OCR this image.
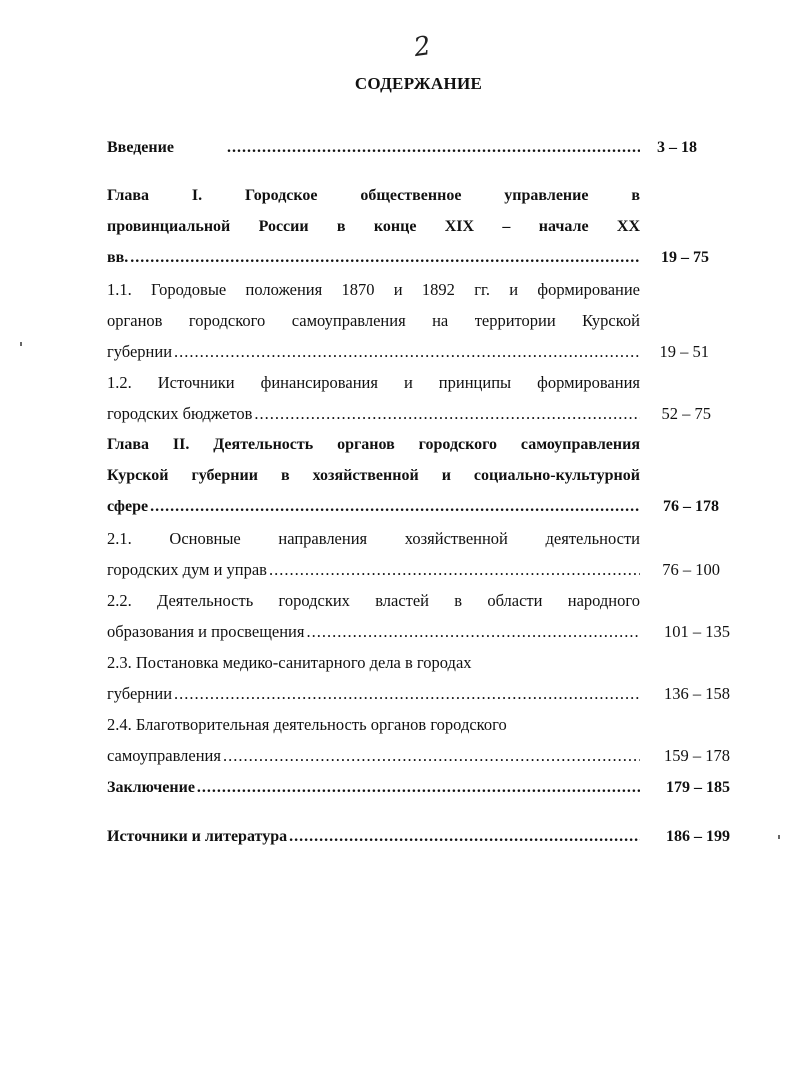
2
СОДЕРЖАНИЕ
Введение .....	3 – 18
Глава I. Городское общественное управление в
провинциальной России в конце XIX – начале XX
вв. .....	19 – 75
1.1. Городовые положения 1870 и 1892 гг. и формирование
органов городского самоуправления на территории Курской
губернии .....	19 – 51
1.2. Источники финансирования и принципы формирования
городских бюджетов .....	52 – 75
Глава II. Деятельность органов городского самоуправления
Курской губернии в хозяйственной и социально-культурной
сфере .....	76 – 178
2.1. Основные направления хозяйственной деятельности
городских дум и управ .....	76 – 100
2.2. Деятельность городских властей в области народного
образования и просвещения .....	101 – 135
2.3. Постановка медико-санитарного дела в городах
губернии .....	136 – 158
2.4. Благотворительная деятельность органов городского
самоуправления .....	159 – 178
Заключение .....	179 – 185
Источники и литература .....	186 – 199
